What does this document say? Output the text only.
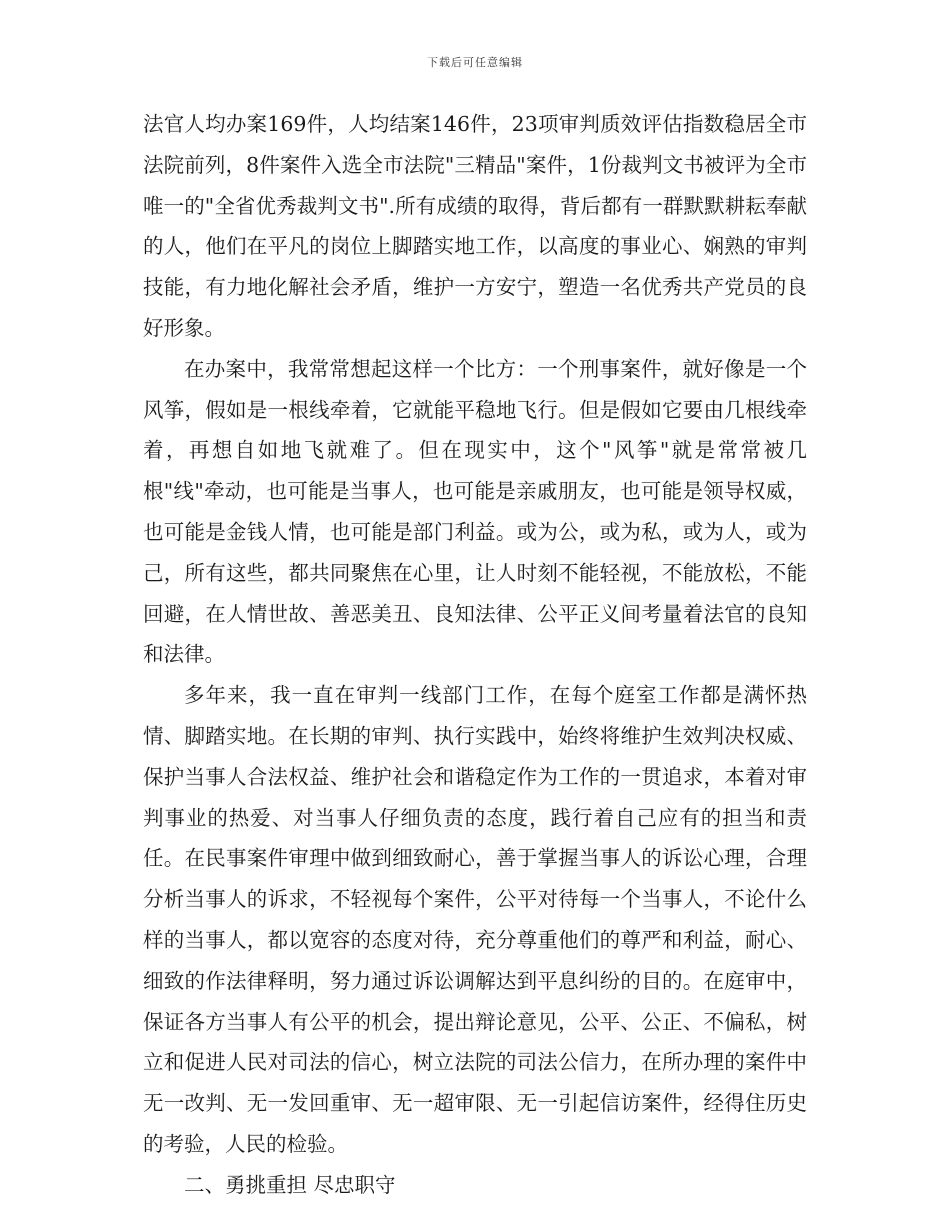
下载后可任意编辑

法官人均办案169件，人均结案146件，23项审判质效评估指数稳居全市法院前列，8件案件入选全市法院"三精品"案件，1份裁判文书被评为全市唯一的"全省优秀裁判文书".所有成绩的取得，背后都有一群默默耕耘奉献的人，他们在平凡的岗位上脚踏实地工作，以高度的事业心、娴熟的审判技能，有力地化解社会矛盾，维护一方安宁，塑造一名优秀共产党员的良好形象。

在办案中，我常常想起这样一个比方：一个刑事案件，就好像是一个风筝，假如是一根线牵着，它就能平稳地飞行。但是假如它要由几根线牵着，再想自如地飞就难了。但在现实中，这个"风筝"就是常常被几根"线"牵动，也可能是当事人，也可能是亲戚朋友，也可能是领导权威，也可能是金钱人情，也可能是部门利益。或为公，或为私，或为人，或为己，所有这些，都共同聚焦在心里，让人时刻不能轻视，不能放松，不能回避，在人情世故、善恶美丑、良知法律、公平正义间考量着法官的良知和法律。

多年来，我一直在审判一线部门工作，在每个庭室工作都是满怀热情、脚踏实地。在长期的审判、执行实践中，始终将维护生效判决权威、保护当事人合法权益、维护社会和谐稳定作为工作的一贯追求，本着对审判事业的热爱、对当事人仔细负责的态度，践行着自己应有的担当和责任。在民事案件审理中做到细致耐心，善于掌握当事人的诉讼心理，合理分析当事人的诉求，不轻视每个案件，公平对待每一个当事人，不论什么样的当事人，都以宽容的态度对待，充分尊重他们的尊严和利益，耐心、细致的作法律释明，努力通过诉讼调解达到平息纠纷的目的。在庭审中，保证各方当事人有公平的机会，提出辩论意见，公平、公正、不偏私，树立和促进人民对司法的信心，树立法院的司法公信力，在所办理的案件中无一改判、无一发回重审、无一超审限、无一引起信访案件，经得住历史的考验，人民的检验。

二、勇挑重担 尽忠职守
